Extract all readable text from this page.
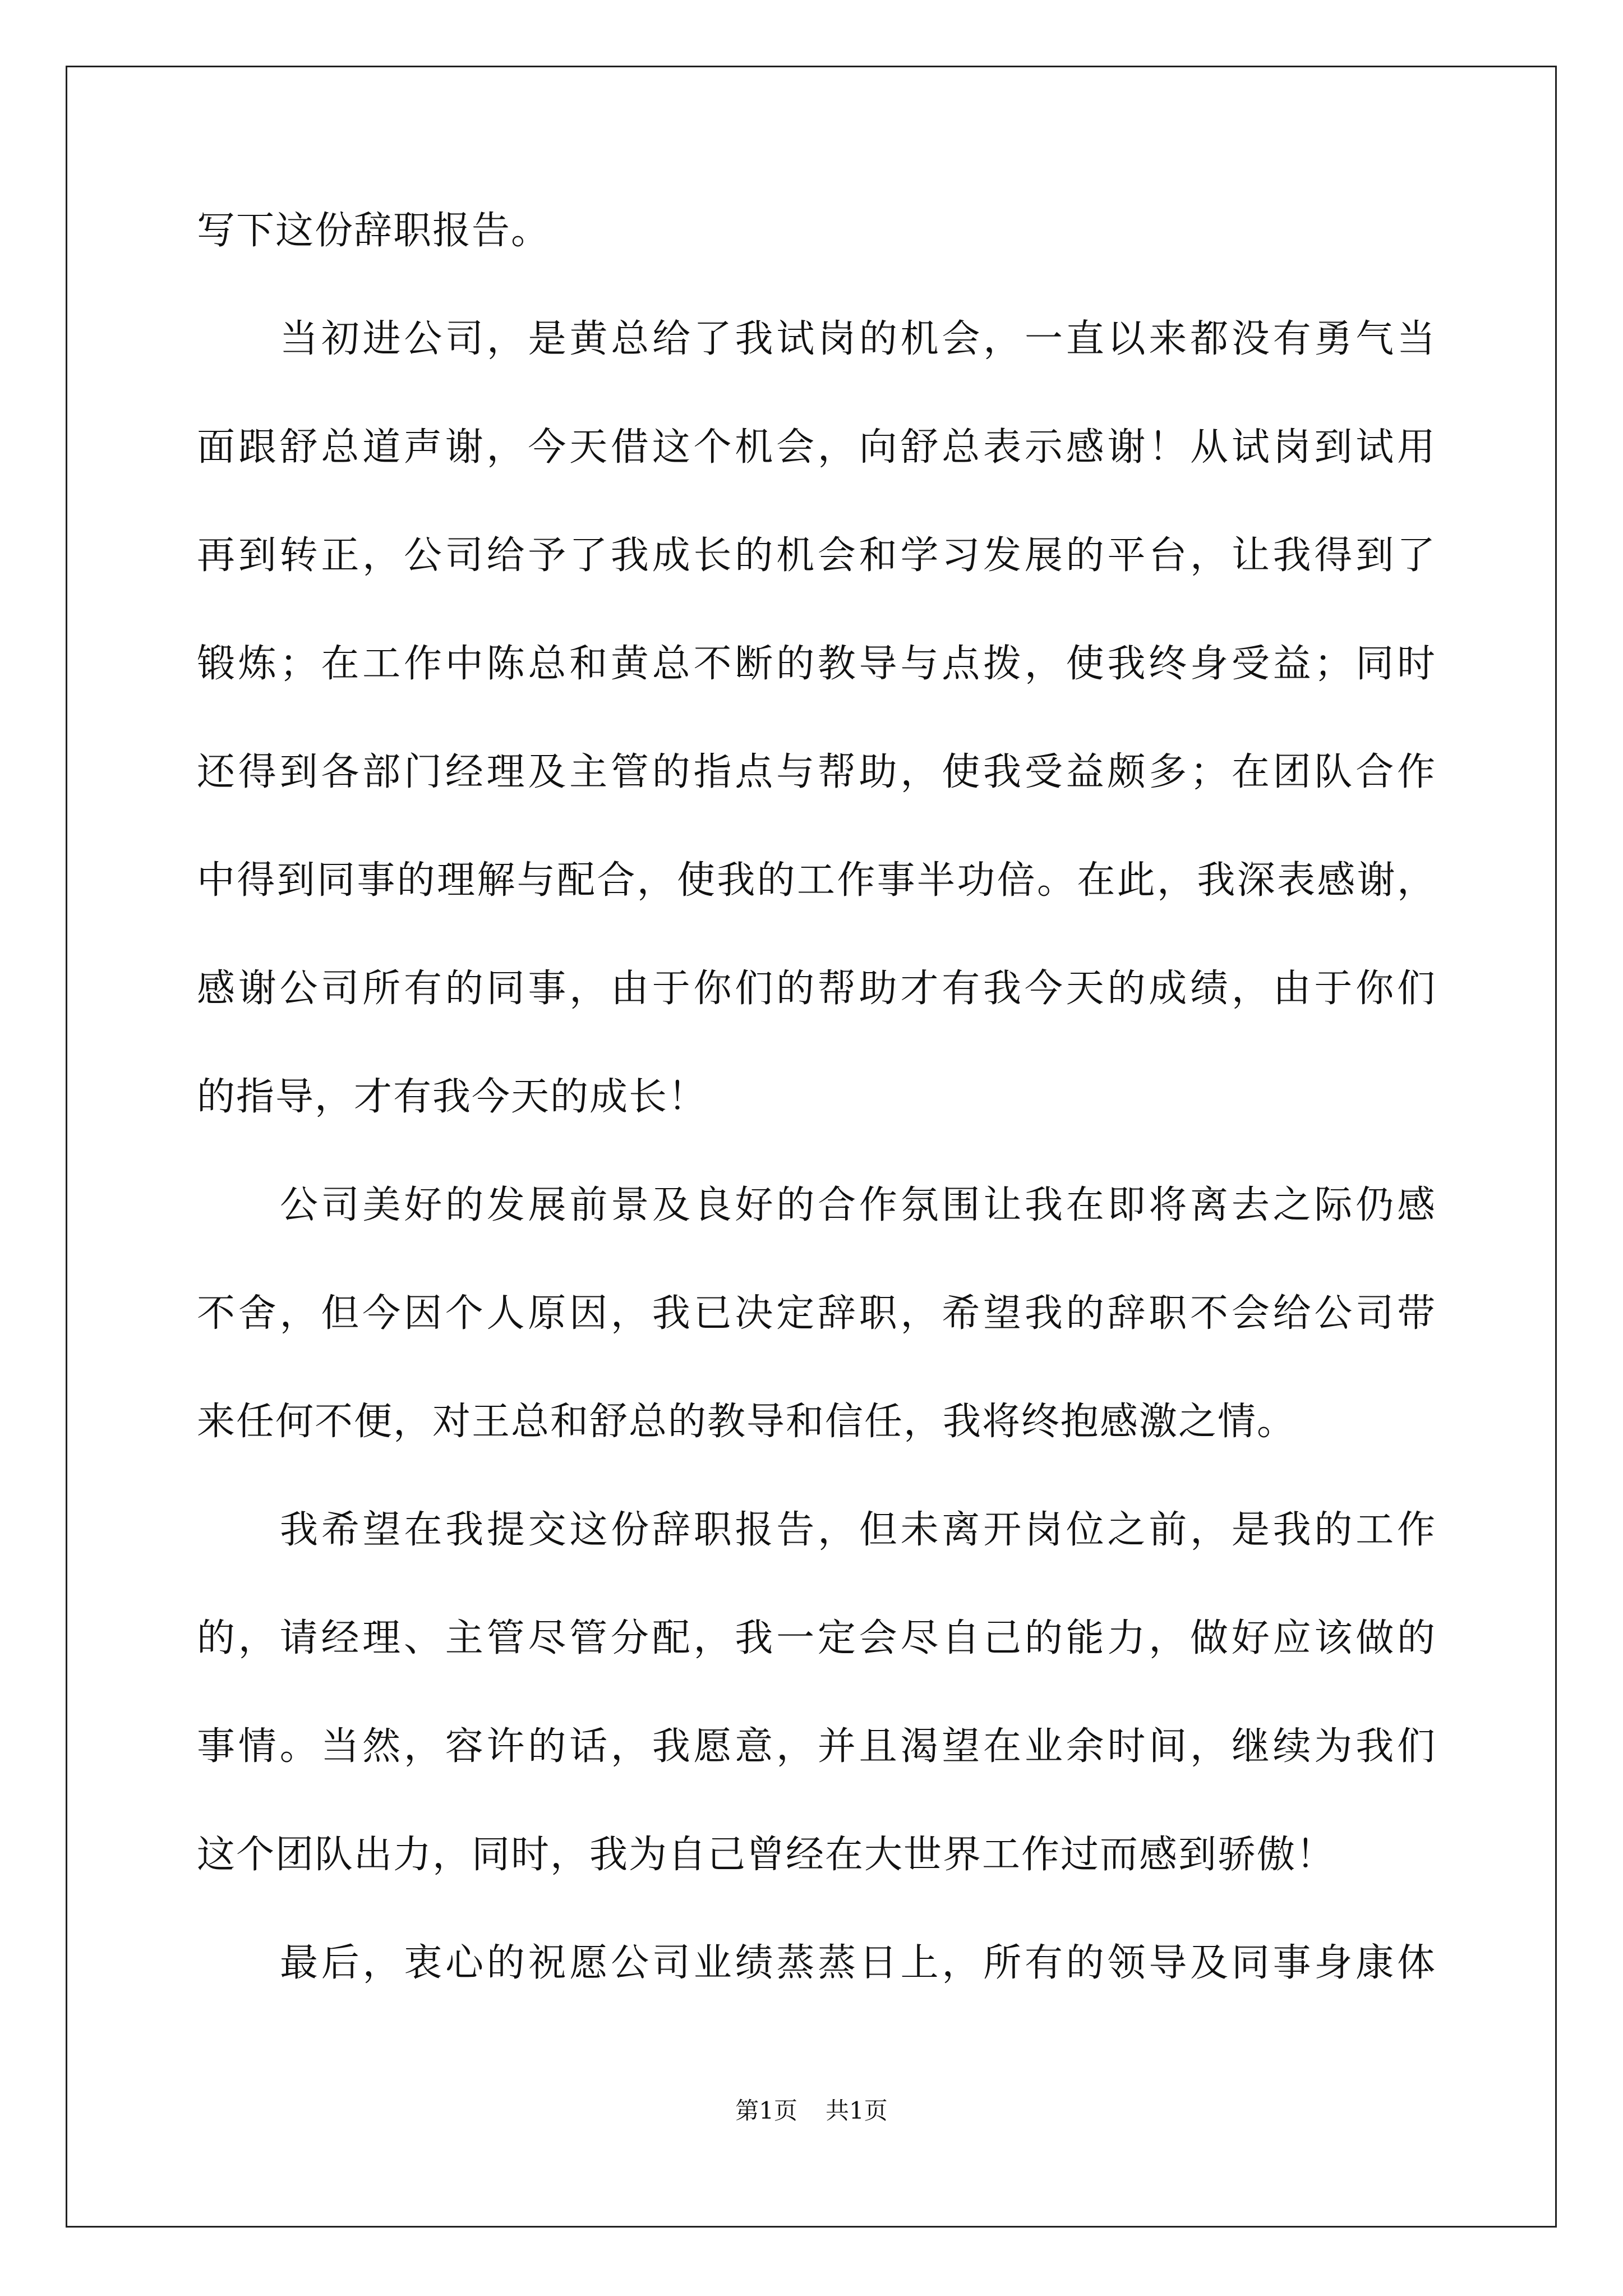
写下这份辞职报告。
当初进公司，是黄总给了我试岗的机会，一直以来都没有勇气当
面跟舒总道声谢，今天借这个机会，向舒总表示感谢！从试岗到试用
再到转正，公司给予了我成长的机会和学习发展的平台，让我得到了
锻炼；在工作中陈总和黄总不断的教导与点拨，使我终身受益；同时
还得到各部门经理及主管的指点与帮助，使我受益颇多；在团队合作
中得到同事的理解与配合，使我的工作事半功倍。在此，我深表感谢，
感谢公司所有的同事，由于你们的帮助才有我今天的成绩，由于你们
的指导，才有我今天的成长！
公司美好的发展前景及良好的合作氛围让我在即将离去之际仍感
不舍，但今因个人原因，我已决定辞职，希望我的辞职不会给公司带
来任何不便，对王总和舒总的教导和信任，我将终抱感激之情。
我希望在我提交这份辞职报告，但未离开岗位之前，是我的工作
的，请经理、主管尽管分配，我一定会尽自己的能力，做好应该做的
事情。当然，容许的话，我愿意，并且渴望在业余时间，继续为我们
这个团队出力，同时，我为自己曾经在大世界工作过而感到骄傲！
最后，衷心的祝愿公司业绩蒸蒸日上，所有的领导及同事身康体
第1页 共1页
